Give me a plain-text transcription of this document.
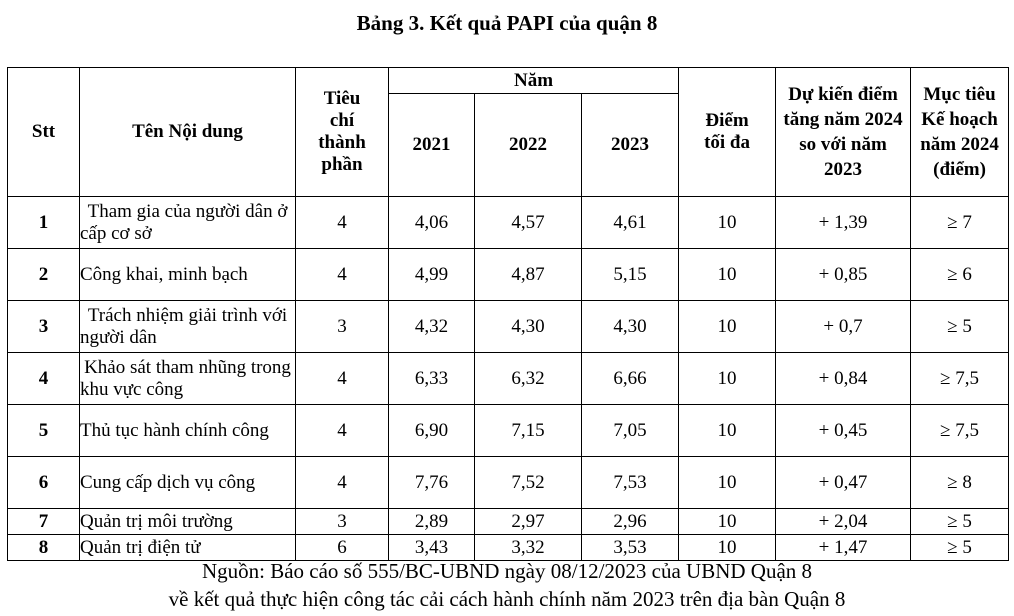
Bảng 3. Kết quả PAPI của quận 8
Stt	Tên Nội dung	Tiêu chí thành phần	Năm			Điểm tối đa	Dự kiến điểm tăng năm 2024 so với năm 2023	Mục tiêu Kế hoạch năm 2024 (điểm)

			2021	2022	2023			
1	Tham gia của người dân ở cấp cơ sở	4	4,06	4,57	4,61	10	+ 1,39	≥ 7
2	Công khai, minh bạch	4	4,99	4,87	5,15	10	+ 0,85	≥ 6
3	Trách nhiệm giải trình với người dân	3	4,32	4,30	4,30	10	+ 0,7	≥ 5
4	Khảo sát tham nhũng trong khu vực công	4	6,33	6,32	6,66	10	+ 0,84	≥ 7,5
5	Thủ tục hành chính công	4	6,90	7,15	7,05	10	+ 0,45	≥ 7,5
6	Cung cấp dịch vụ công	4	7,76	7,52	7,53	10	+ 0,47	≥ 8
7	Quản trị môi trường	3	2,89	2,97	2,96	10	+ 2,04	≥ 5
8	Quản trị điện tử	6	3,43	3,32	3,53	10	+ 1,47	≥ 5
Nguồn: Báo cáo số 555/BC-UBND ngày 08/12/2023 của UBND Quận 8
về kết quả thực hiện công tác cải cách hành chính năm 2023 trên địa bàn Quận 8
